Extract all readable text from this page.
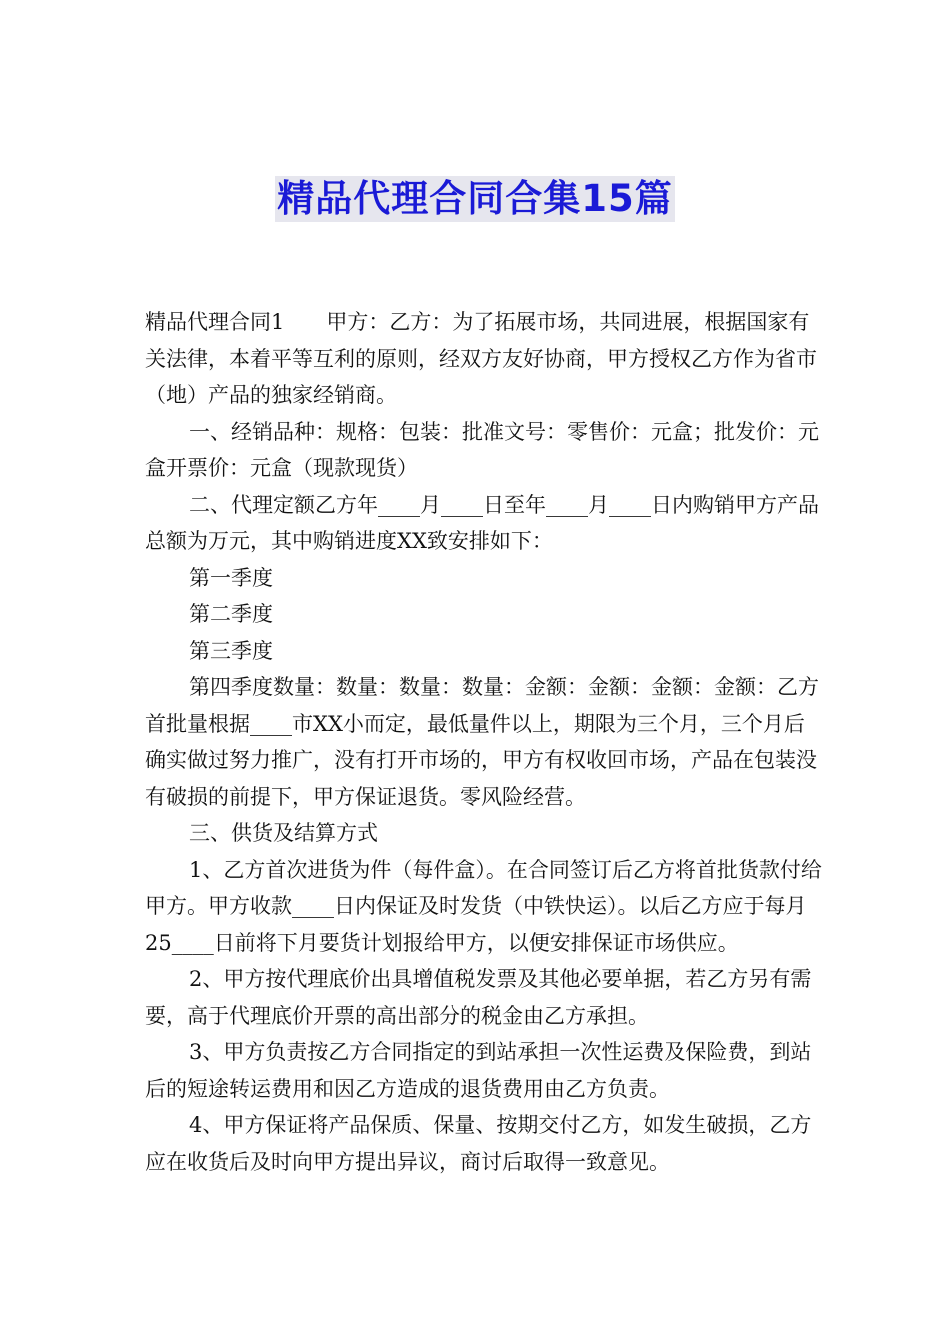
精品代理合同合集15篇

精品代理合同1　　甲方：乙方：为了拓展市场，共同进展，根据国家有关法律，本着平等互利的原则，经双方友好协商，甲方授权乙方作为省市（地）产品的独家经销商。

一、经销品种：规格：包装：批准文号：零售价：元盒；批发价：元盒开票价：元盒（现款现货）

二、代理定额乙方年____月____日至年____月____日内购销甲方产品总额为万元，其中购销进度XX致安排如下：

第一季度

第二季度

第三季度

第四季度数量：数量：数量：数量：金额：金额：金额：金额：乙方首批量根据____市XX小而定，最低量件以上，期限为三个月，三个月后确实做过努力推广，没有打开市场的，甲方有权收回市场，产品在包装没有破损的前提下，甲方保证退货。零风险经营。

三、供货及结算方式

1、乙方首次进货为件（每件盒）。在合同签订后乙方将首批货款付给甲方。甲方收款____日内保证及时发货（中铁快运）。以后乙方应于每月25____日前将下月要货计划报给甲方，以便安排保证市场供应。

2、甲方按代理底价出具增值税发票及其他必要单据，若乙方另有需要，高于代理底价开票的高出部分的税金由乙方承担。

3、甲方负责按乙方合同指定的到站承担一次性运费及保险费，到站后的短途转运费用和因乙方造成的退货费用由乙方负责。

4、甲方保证将产品保质、保量、按期交付乙方，如发生破损，乙方应在收货后及时向甲方提出异议，商讨后取得一致意见。
